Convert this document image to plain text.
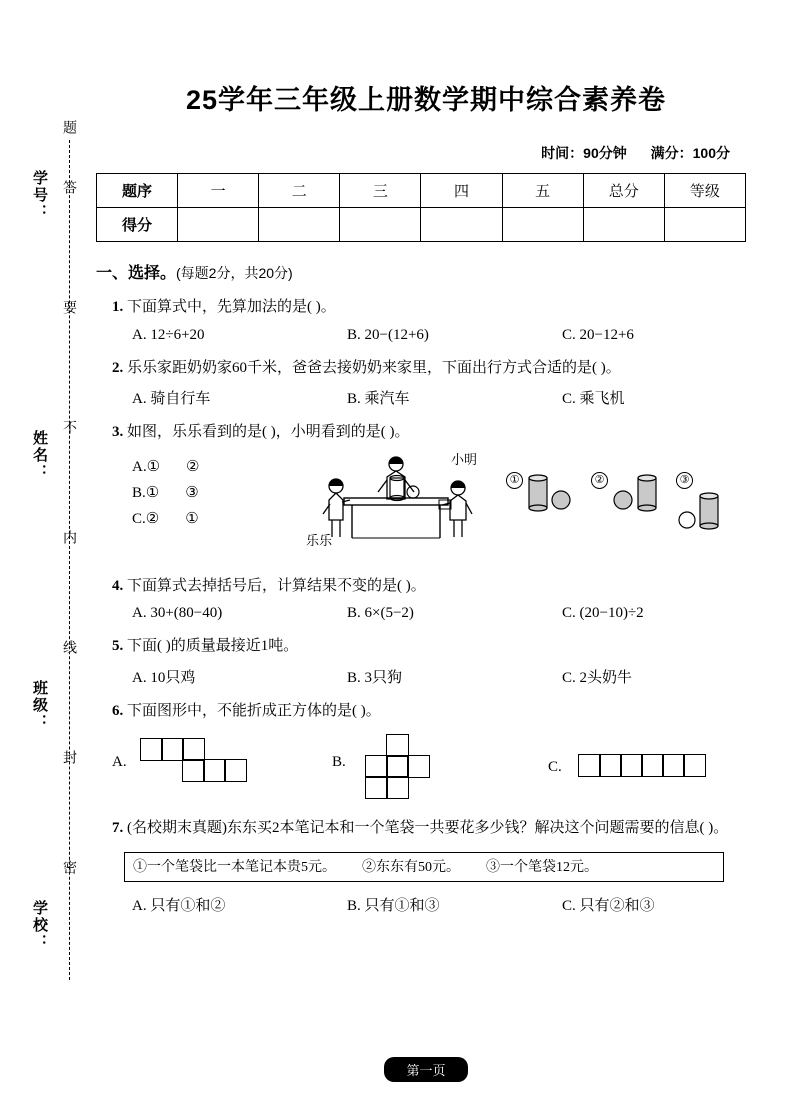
学号：
姓名：
班级：
学校：
题
答
要
不
内
线
封
密
25学年三年级上册数学期中综合素养卷
时间：90分钟 满分：100分
题序	一	二	三	四	五	总分	等级
得分							
一、选择。(每题2分，共20分)
1. 下面算式中，先算加法的是( )。
A. 12÷6+20	B. 20−(12+6)	C. 20−12+6
2. 乐乐家距奶奶家60千米，爸爸去接奶奶来家里，下面出行方式合适的是( )。
A. 骑自行车	B. 乘汽车	C. 乘飞机
3. 如图，乐乐看到的是( )，小明看到的是( )。
A.① ②
B.① ③
C.② ①
小明
乐乐
①	②	③
4. 下面算式去掉括号后，计算结果不变的是( )。
A. 30+(80−40)	B. 6×(5−2)	C. (20−10)÷2
5. 下面( )的质量最接近1吨。
A. 10只鸡	B. 3只狗	C. 2头奶牛
6. 下面图形中，不能折成正方体的是( )。
A.	B.	C.
7. (名校期末真题)东东买2本笔记本和一个笔袋一共要花多少钱？解决这个问题需要的信息( )。
①一个笔袋比一本笔记本贵5元。 ②东东有50元。 ③一个笔袋12元。
A. 只有①和②	B. 只有①和③	C. 只有②和③
第一页
